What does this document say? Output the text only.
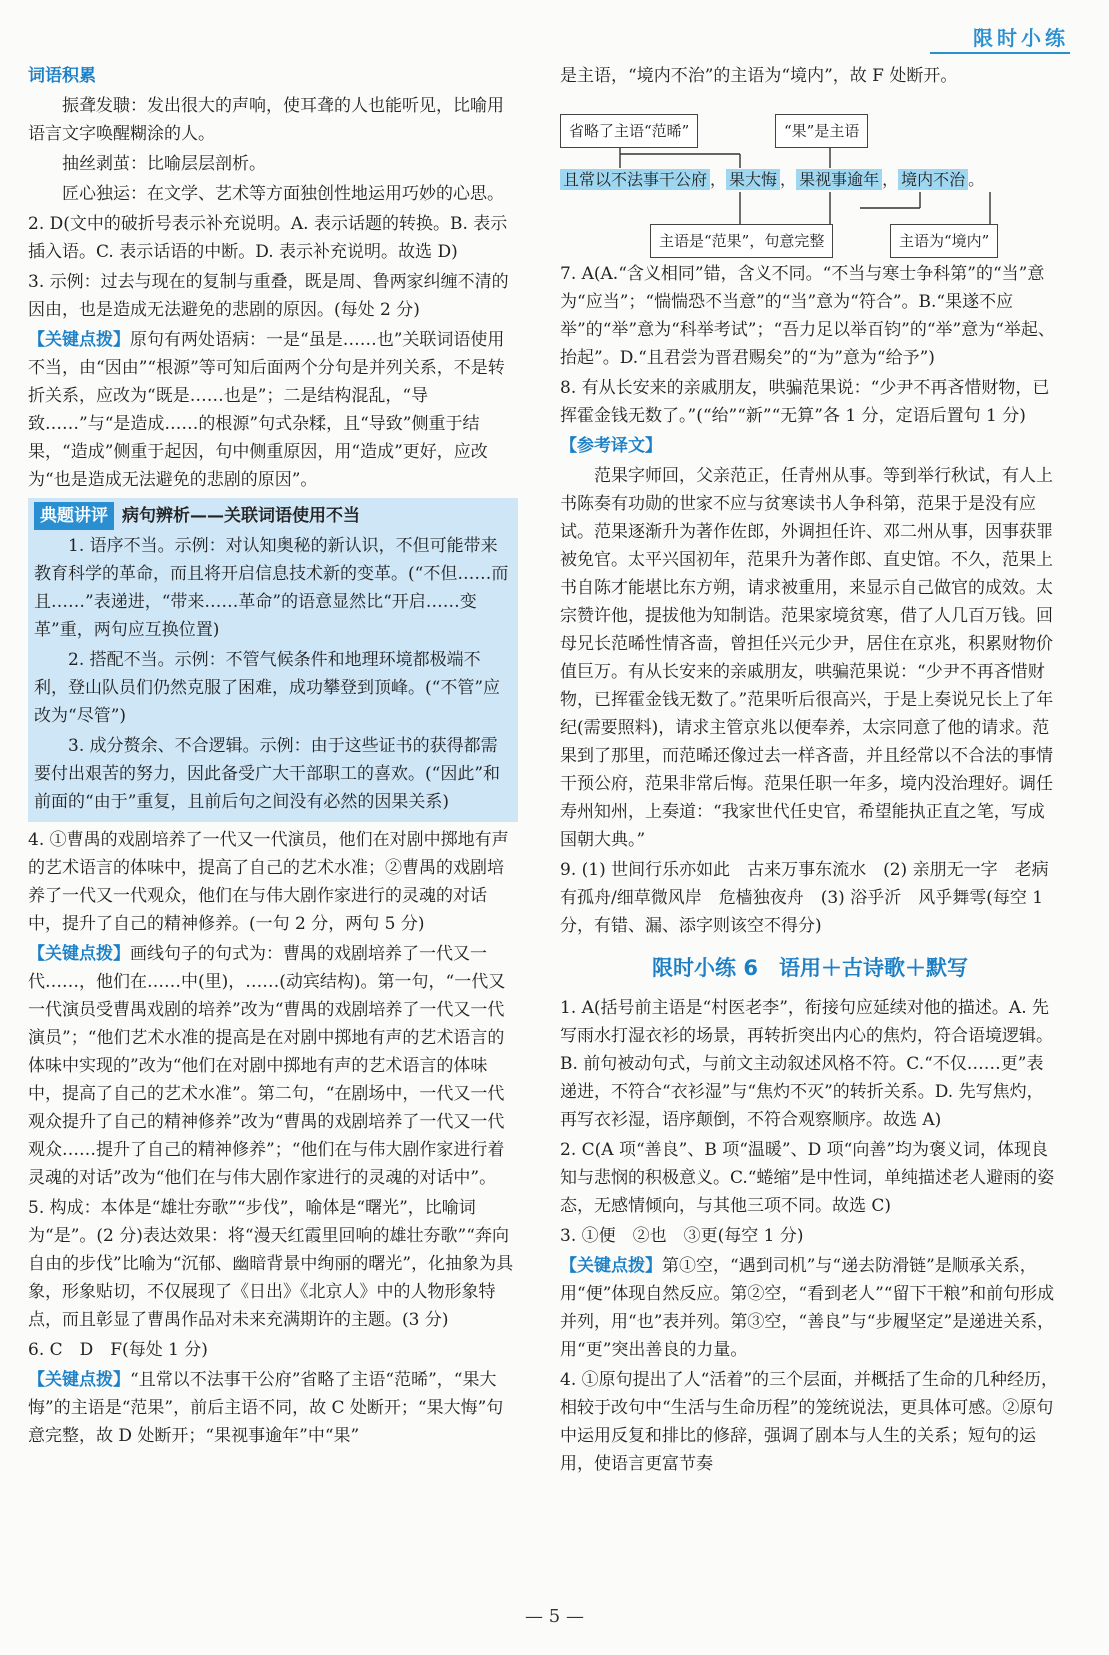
限时小练

词语积累

振聋发聩：发出很大的声响，使耳聋的人也能听见，比喻用语言文字唤醒糊涂的人。

抽丝剥茧：比喻层层剖析。

匠心独运：在文学、艺术等方面独创性地运用巧妙的心思。

2. D(文中的破折号表示补充说明。A. 表示话题的转换。B. 表示插入语。C. 表示话语的中断。D. 表示补充说明。故选 D)

3. 示例：过去与现在的复制与重叠，既是周、鲁两家纠缠不清的因由，也是造成无法避免的悲剧的原因。(每处 2 分)

【关键点拨】原句有两处语病：一是“虽是……也”关联词语使用不当，由“因由”“根源”等可知后面两个分句是并列关系，不是转折关系，应改为“既是……也是”；二是结构混乱，“导致……”与“是造成……的根源”句式杂糅，且“导致”侧重于结果，“造成”侧重于起因，句中侧重原因，用“造成”更好，应改为“也是造成无法避免的悲剧的原因”。

典题讲评 病句辨析——关联词语使用不当

1. 语序不当。示例：对认知奥秘的新认识，不但可能带来教育科学的革命，而且将开启信息技术新的变革。(“不但……而且……”表递进，“带来……革命”的语意显然比“开启……变革”重，两句应互换位置)

2. 搭配不当。示例：不管气候条件和地理环境都极端不利，登山队员们仍然克服了困难，成功攀登到顶峰。(“不管”应改为“尽管”)

3. 成分赘余、不合逻辑。示例：由于这些证书的获得都需要付出艰苦的努力，因此备受广大干部职工的喜欢。(“因此”和前面的“由于”重复，且前后句之间没有必然的因果关系)

4. ①曹禺的戏剧培养了一代又一代演员，他们在对剧中掷地有声的艺术语言的体味中，提高了自己的艺术水准；②曹禺的戏剧培养了一代又一代观众，他们在与伟大剧作家进行的灵魂的对话中，提升了自己的精神修养。(一句 2 分，两句 5 分)

【关键点拨】画线句子的句式为：曹禺的戏剧培养了一代又一代……，他们在……中(里)，……(动宾结构)。第一句，“一代又一代演员受曹禺戏剧的培养”改为“曹禺的戏剧培养了一代又一代演员”；“他们艺术水准的提高是在对剧中掷地有声的艺术语言的体味中实现的”改为“他们在对剧中掷地有声的艺术语言的体味中，提高了自己的艺术水准”。第二句，“在剧场中，一代又一代观众提升了自己的精神修养”改为“曹禺的戏剧培养了一代又一代观众……提升了自己的精神修养”；“他们在与伟大剧作家进行着灵魂的对话”改为“他们在与伟大剧作家进行的灵魂的对话中”。

5. 构成：本体是“雄壮夯歌”“步伐”，喻体是“曙光”，比喻词为“是”。(2 分)表达效果：将“漫天红霞里回响的雄壮夯歌”“奔向自由的步伐”比喻为“沉郁、幽暗背景中绚丽的曙光”，化抽象为具象，形象贴切，不仅展现了《日出》《北京人》中的人物形象特点，而且彰显了曹禺作品对未来充满期许的主题。(3 分)

6. C　D　F(每处 1 分)

【关键点拨】“且常以不法事干公府”省略了主语“范晞”，“果大悔”的主语是“范果”，前后主语不同，故 C 处断开；“果大悔”句意完整，故 D 处断开；“果视事逾年”中“果”

是主语，“境内不治”的主语为“境内”，故 F 处断开。

省略了主语“范晞”	“果”是主语
且常以不法事干公府 ， 果大悔 ， 果视事逾年 ， 境内不治 。
主语是“范果”，句意完整	主语为“境内”

7. A(A.“含义相同”错，含义不同。“不当与寒士争科第”的“当”意为“应当”；“惴惴恐不当意”的“当”意为“符合”。B.“果遂不应举”的“举”意为“科举考试”；“吾力足以举百钧”的“举”意为“举起、抬起”。D.“且君尝为晋君赐矣”的“为”意为“给予”)

8. 有从长安来的亲戚朋友，哄骗范果说：“少尹不再吝惜财物，已挥霍金钱无数了。”(“绐”“新”“无算”各 1 分，定语后置句 1 分)

【参考译文】

范果字师回，父亲范正，任青州从事。等到举行秋试，有人上书陈奏有功勋的世家不应与贫寒读书人争科第，范果于是没有应试。范果逐渐升为著作佐郎，外调担任许、邓二州从事，因事获罪被免官。太平兴国初年，范果升为著作郎、直史馆。不久，范果上书自陈才能堪比东方朔，请求被重用，来显示自己做官的成效。太宗赞许他，提拔他为知制诰。范果家境贫寒，借了人几百万钱。回母兄长范晞性情吝啬，曾担任兴元少尹，居住在京兆，积累财物价值巨万。有从长安来的亲戚朋友，哄骗范果说：“少尹不再吝惜财物，已挥霍金钱无数了。”范果听后很高兴，于是上奏说兄长上了年纪(需要照料)，请求主管京兆以便奉养，太宗同意了他的请求。范果到了那里，而范晞还像过去一样吝啬，并且经常以不合法的事情干预公府，范果非常后悔。范果任职一年多，境内没治理好。调任寿州知州，上奏道：“我家世代任史官，希望能执正直之笔，写成国朝大典。”

9. (1) 世间行乐亦如此　古来万事东流水　(2) 亲朋无一字　老病有孤舟/细草微风岸　危樯独夜舟　(3) 浴乎沂　风乎舞雩(每空 1 分，有错、漏、添字则该空不得分)

限时小练 6　语用＋古诗歌＋默写

1. A(括号前主语是“村医老李”，衔接句应延续对他的描述。A. 先写雨水打湿衣衫的场景，再转折突出内心的焦灼，符合语境逻辑。B. 前句被动句式，与前文主动叙述风格不符。C.“不仅……更”表递进，不符合“衣衫湿”与“焦灼不灭”的转折关系。D. 先写焦灼，再写衣衫湿，语序颠倒，不符合观察顺序。故选 A)

2. C(A 项“善良”、B 项“温暖”、D 项“向善”均为褒义词，体现良知与悲悯的积极意义。C.“蜷缩”是中性词，单纯描述老人避雨的姿态，无感情倾向，与其他三项不同。故选 C)

3. ①便　②也　③更(每空 1 分)

【关键点拨】第①空，“遇到司机”与“递去防滑链”是顺承关系，用“便”体现自然反应。第②空，“看到老人”“留下干粮”和前句形成并列，用“也”表并列。第③空，“善良”与“步履坚定”是递进关系，用“更”突出善良的力量。

4. ①原句提出了人“活着”的三个层面，并概括了生命的几种经历，相较于改句中“生活与生命历程”的笼统说法，更具体可感。②原句中运用反复和排比的修辞，强调了剧本与人生的关系；短句的运用，使语言更富节奏

— 5 —
